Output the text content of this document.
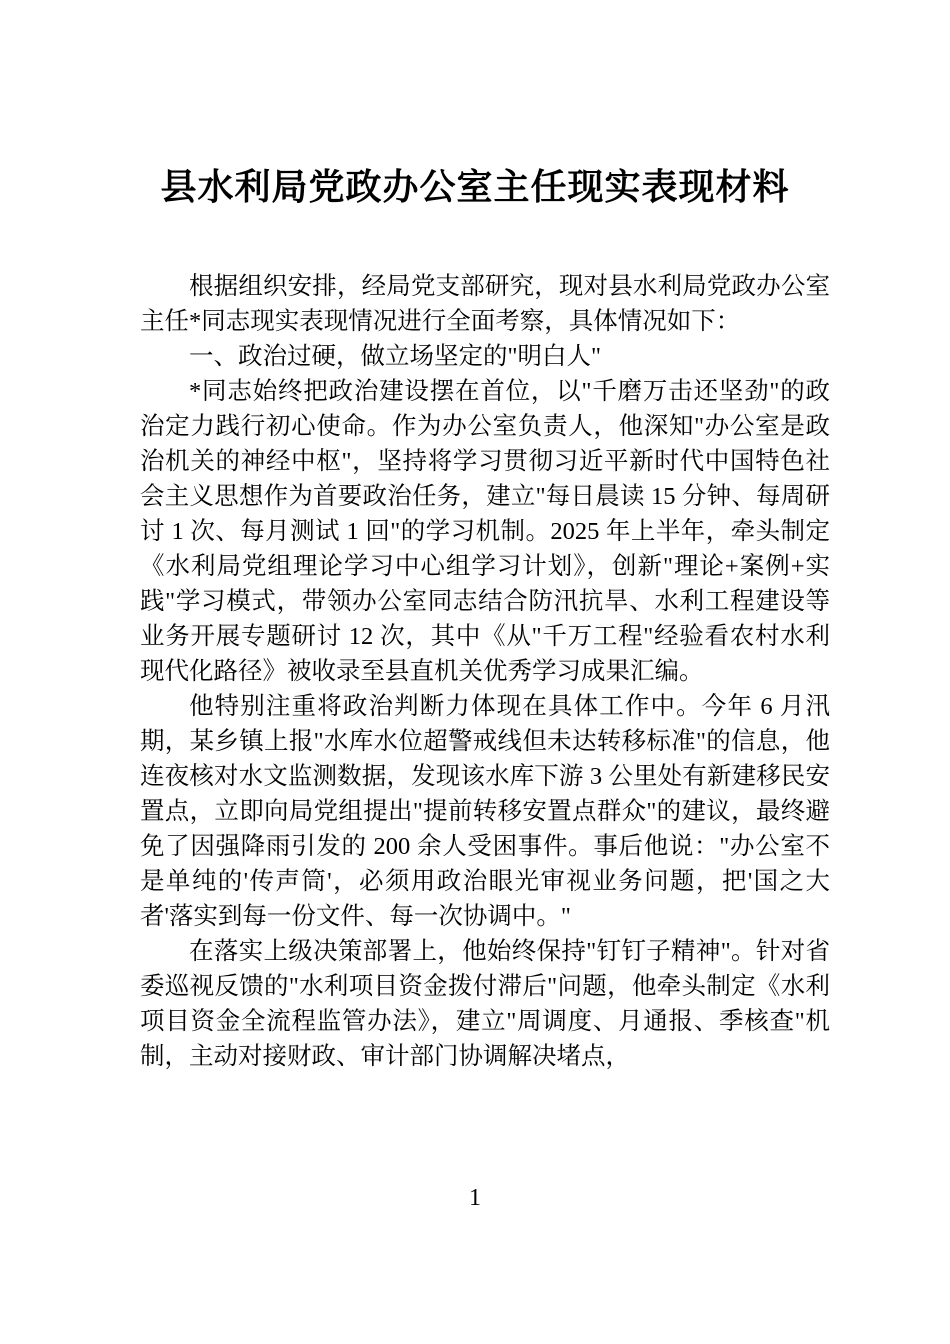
县水利局党政办公室主任现实表现材料

根据组织安排，经局党支部研究，现对县水利局党政办公室主任*同志现实表现情况进行全面考察，具体情况如下：

一、政治过硬，做立场坚定的"明白人"

*同志始终把政治建设摆在首位，以"千磨万击还坚劲"的政治定力践行初心使命。作为办公室负责人，他深知"办公室是政治机关的神经中枢"，坚持将学习贯彻习近平新时代中国特色社会主义思想作为首要政治任务，建立"每日晨读 15 分钟、每周研讨 1 次、每月测试 1 回"的学习机制。2025 年上半年，牵头制定《水利局党组理论学习中心组学习计划》，创新"理论+案例+实践"学习模式，带领办公室同志结合防汛抗旱、水利工程建设等业务开展专题研讨 12 次，其中《从"千万工程"经验看农村水利现代化路径》被收录至县直机关优秀学习成果汇编。

他特别注重将政治判断力体现在具体工作中。今年 6 月汛期，某乡镇上报"水库水位超警戒线但未达转移标准"的信息，他连夜核对水文监测数据，发现该水库下游 3 公里处有新建移民安置点，立即向局党组提出"提前转移安置点群众"的建议，最终避免了因强降雨引发的 200 余人受困事件。事后他说："办公室不是单纯的'传声筒'，必须用政治眼光审视业务问题，把'国之大者'落实到每一份文件、每一次协调中。"

在落实上级决策部署上，他始终保持"钉钉子精神"。针对省委巡视反馈的"水利项目资金拨付滞后"问题，他牵头制定《水利项目资金全流程监管办法》，建立"周调度、月通报、季核查"机制，主动对接财政、审计部门协调解决堵点，

1
